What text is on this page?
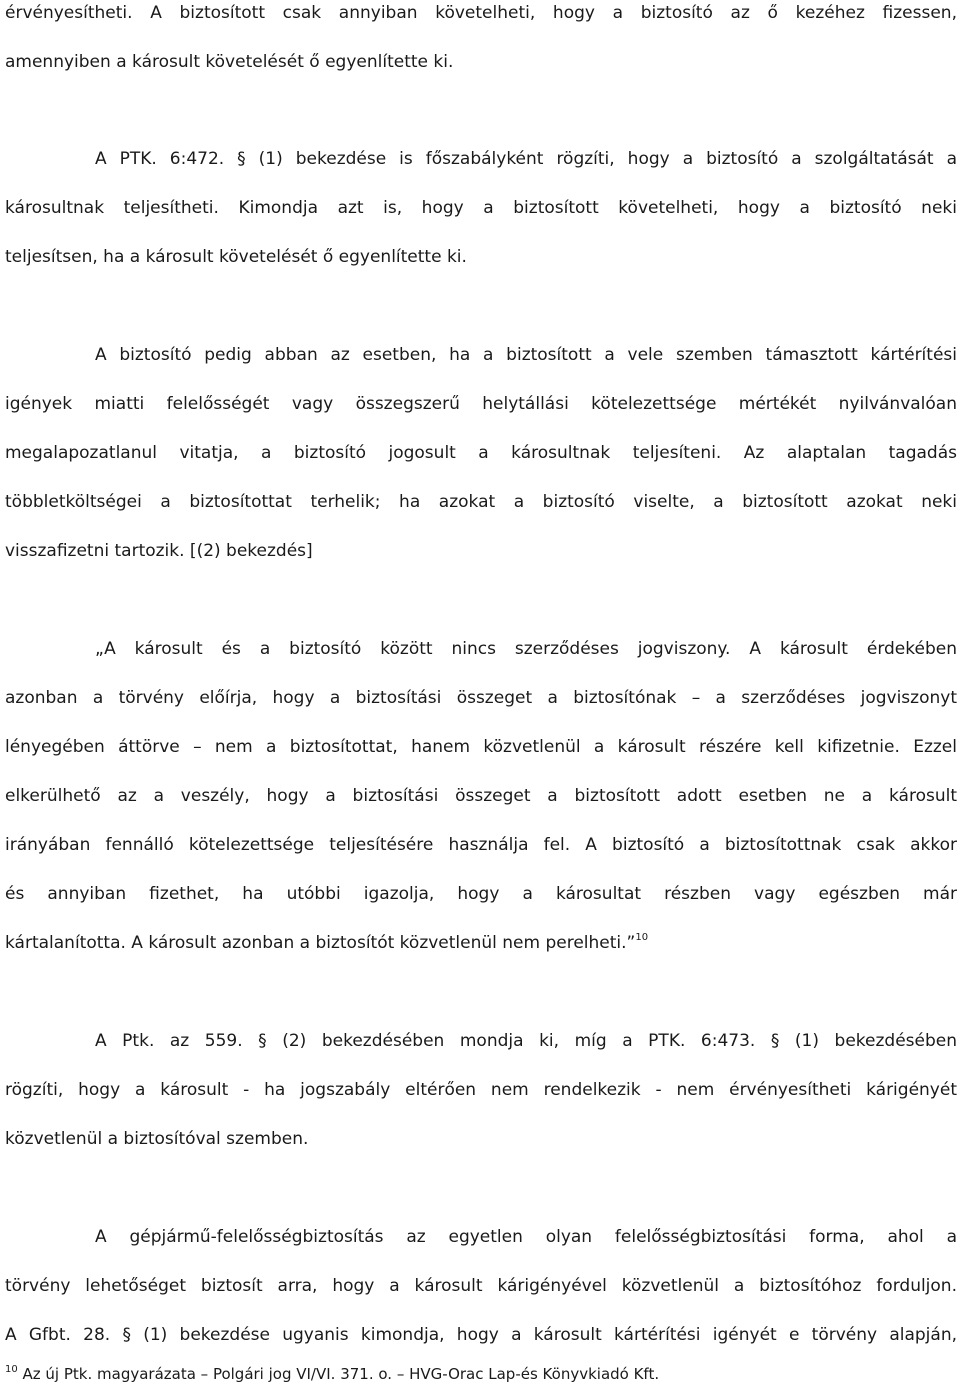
érvényesítheti. A biztosított csak annyiban követelheti, hogy a biztosító az ő kezéhez fizessen,
amennyiben a károsult követelését ő egyenlítette ki.
A PTK. 6:472. § (1) bekezdése is főszabályként rögzíti, hogy a biztosító a szolgáltatását a
károsultnak teljesítheti. Kimondja azt is, hogy a biztosított követelheti, hogy a biztosító neki
teljesítsen, ha a károsult követelését ő egyenlítette ki.
A biztosító pedig abban az esetben, ha a biztosított a vele szemben támasztott kártérítési
igények miatti felelősségét vagy összegszerű helytállási kötelezettsége mértékét nyilvánvalóan
megalapozatlanul vitatja, a biztosító jogosult a károsultnak teljesíteni. Az alaptalan tagadás
többletköltségei a biztosítottat terhelik; ha azokat a biztosító viselte, a biztosított azokat neki
visszafizetni tartozik. [(2) bekezdés]
„A károsult és a biztosító között nincs szerződéses jogviszony. A károsult érdekében
azonban a törvény előírja, hogy a biztosítási összeget a biztosítónak – a szerződéses jogviszonyt
lényegében áttörve – nem a biztosítottat, hanem közvetlenül a károsult részére kell kifizetnie. Ezzel
elkerülhető az a veszély, hogy a biztosítási összeget a biztosított adott esetben ne a károsult
irányában fennálló kötelezettsége teljesítésére használja fel. A biztosító a biztosítottnak csak akkor
és annyiban fizethet, ha utóbbi igazolja, hogy a károsultat részben vagy egészben már
kártalanította. A károsult azonban a biztosítót közvetlenül nem perelheti.”$^{10}$
A Ptk. az 559. § (2) bekezdésében mondja ki, míg a PTK. 6:473. § (1) bekezdésében
rögzíti, hogy a károsult - ha jogszabály eltérően nem rendelkezik - nem érvényesítheti kárigényét
közvetlenül a biztosítóval szemben.
A gépjármű-felelősségbiztosítás az egyetlen olyan felelősségbiztosítási forma, ahol a
törvény lehetőséget biztosít arra, hogy a károsult kárigényével közvetlenül a biztosítóhoz forduljon.
A Gfbt. 28. § (1) bekezdése ugyanis kimondja, hogy a károsult kártérítési igényét e törvény alapján,
$^{10}$ Az új Ptk. magyarázata – Polgári jog VI/VI. 371. o. – HVG-Orac Lap-és Könyvkiadó Kft.
